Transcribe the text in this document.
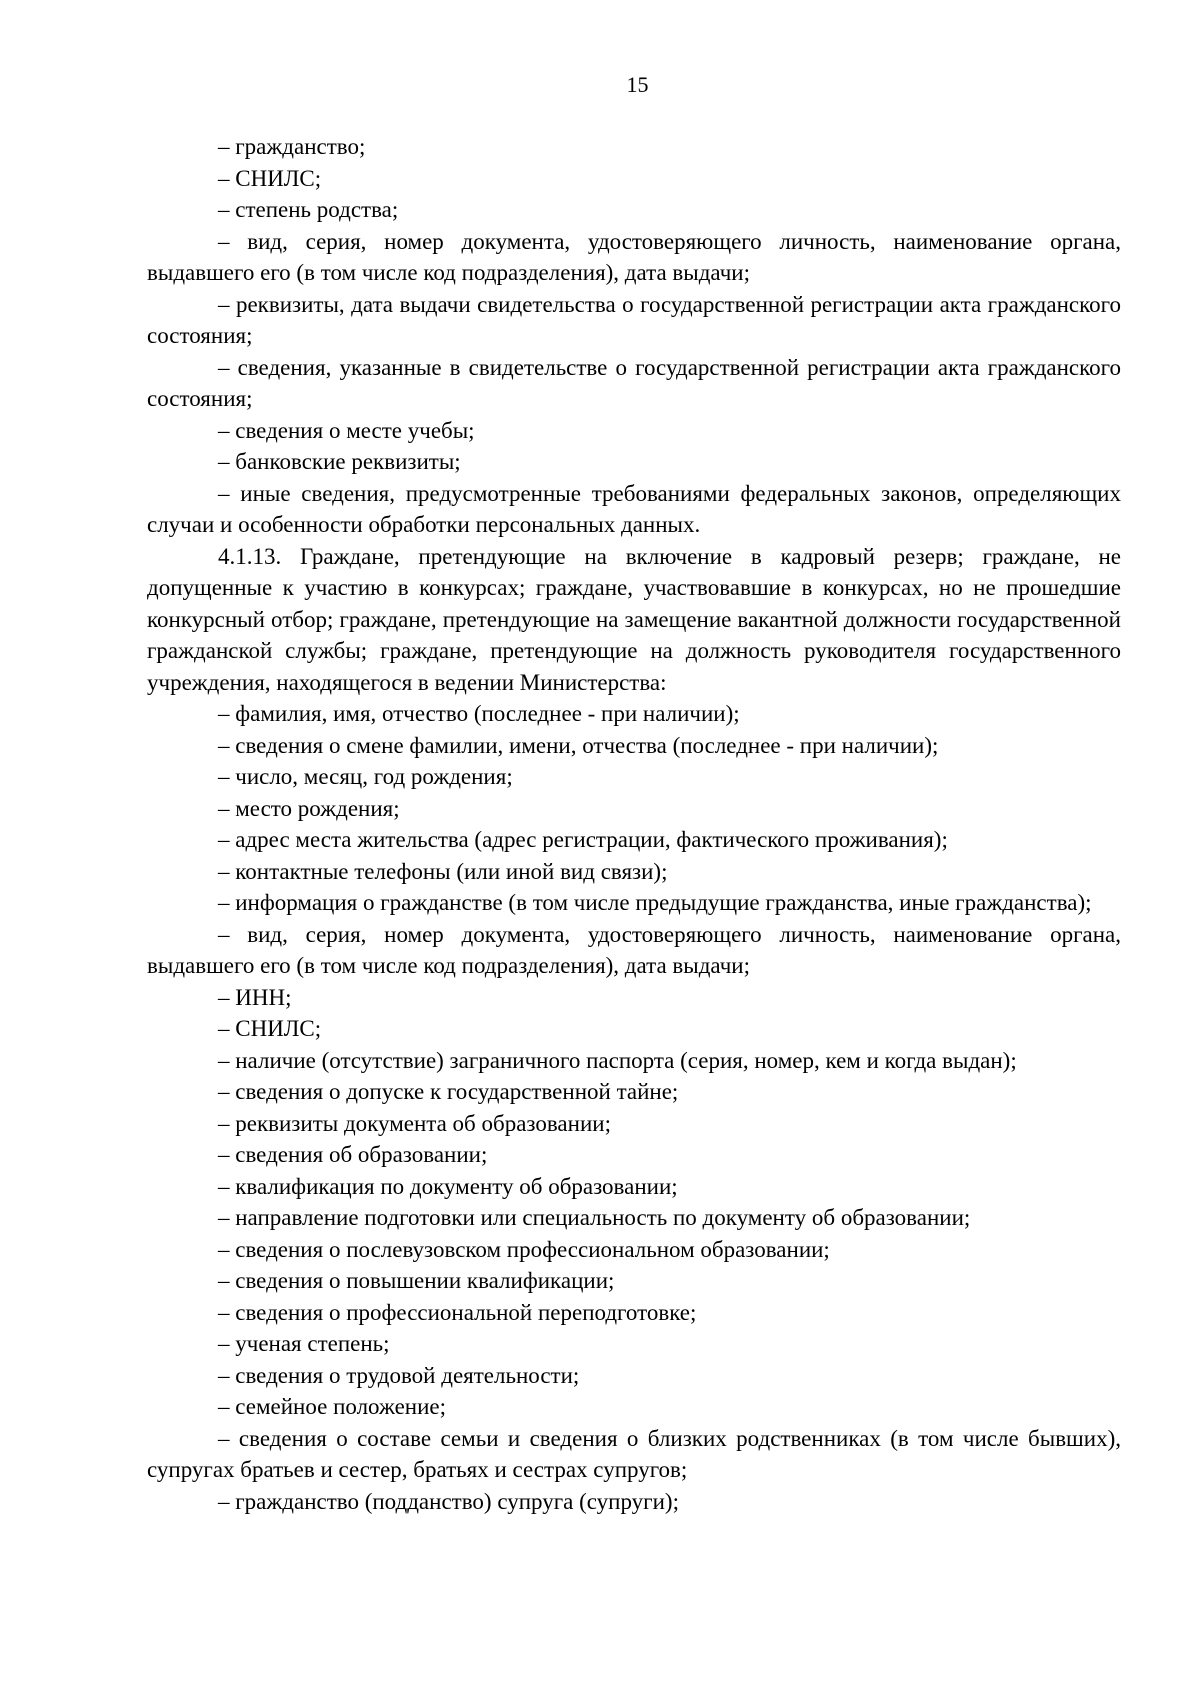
15

– гражданство;

– СНИЛС;

– степень родства;

– вид, серия, номер документа, удостоверяющего личность, наименование органа, выдавшего его (в том числе код подразделения), дата выдачи;

– реквизиты, дата выдачи свидетельства о государственной регистрации акта гражданского состояния;

– сведения, указанные в свидетельстве о государственной регистрации акта гражданского состояния;

– сведения о месте учебы;

– банковские реквизиты;

– иные сведения, предусмотренные требованиями федеральных законов, определяющих случаи и особенности обработки персональных данных.

4.1.13. Граждане, претендующие на включение в кадровый резерв; граждане, не допущенные к участию в конкурсах; граждане, участвовавшие в конкурсах, но не прошедшие конкурсный отбор; граждане, претендующие на замещение вакантной должности государственной гражданской службы; граждане, претендующие на должность руководителя государственного учреждения, находящегося в ведении Министерства:

– фамилия, имя, отчество (последнее - при наличии);

– сведения о смене фамилии, имени, отчества (последнее - при наличии);

– число, месяц, год рождения;

– место рождения;

– адрес места жительства (адрес регистрации, фактического проживания);

– контактные телефоны (или иной вид связи);

– информация о гражданстве (в том числе предыдущие гражданства, иные гражданства);

– вид, серия, номер документа, удостоверяющего личность, наименование органа, выдавшего его (в том числе код подразделения), дата выдачи;

– ИНН;

– СНИЛС;

– наличие (отсутствие) заграничного паспорта (серия, номер, кем и когда выдан);

– сведения о допуске к государственной тайне;

– реквизиты документа об образовании;

– сведения об образовании;

– квалификация по документу об образовании;

– направление подготовки или специальность по документу об образовании;

– сведения о послевузовском профессиональном образовании;

– сведения о повышении квалификации;

– сведения о профессиональной переподготовке;

– ученая степень;

– сведения о трудовой деятельности;

– семейное положение;

– сведения о составе семьи и сведения о близких родственниках (в том числе бывших), супругах братьев и сестер, братьях и сестрах супругов;

– гражданство (подданство) супруга (супруги);
